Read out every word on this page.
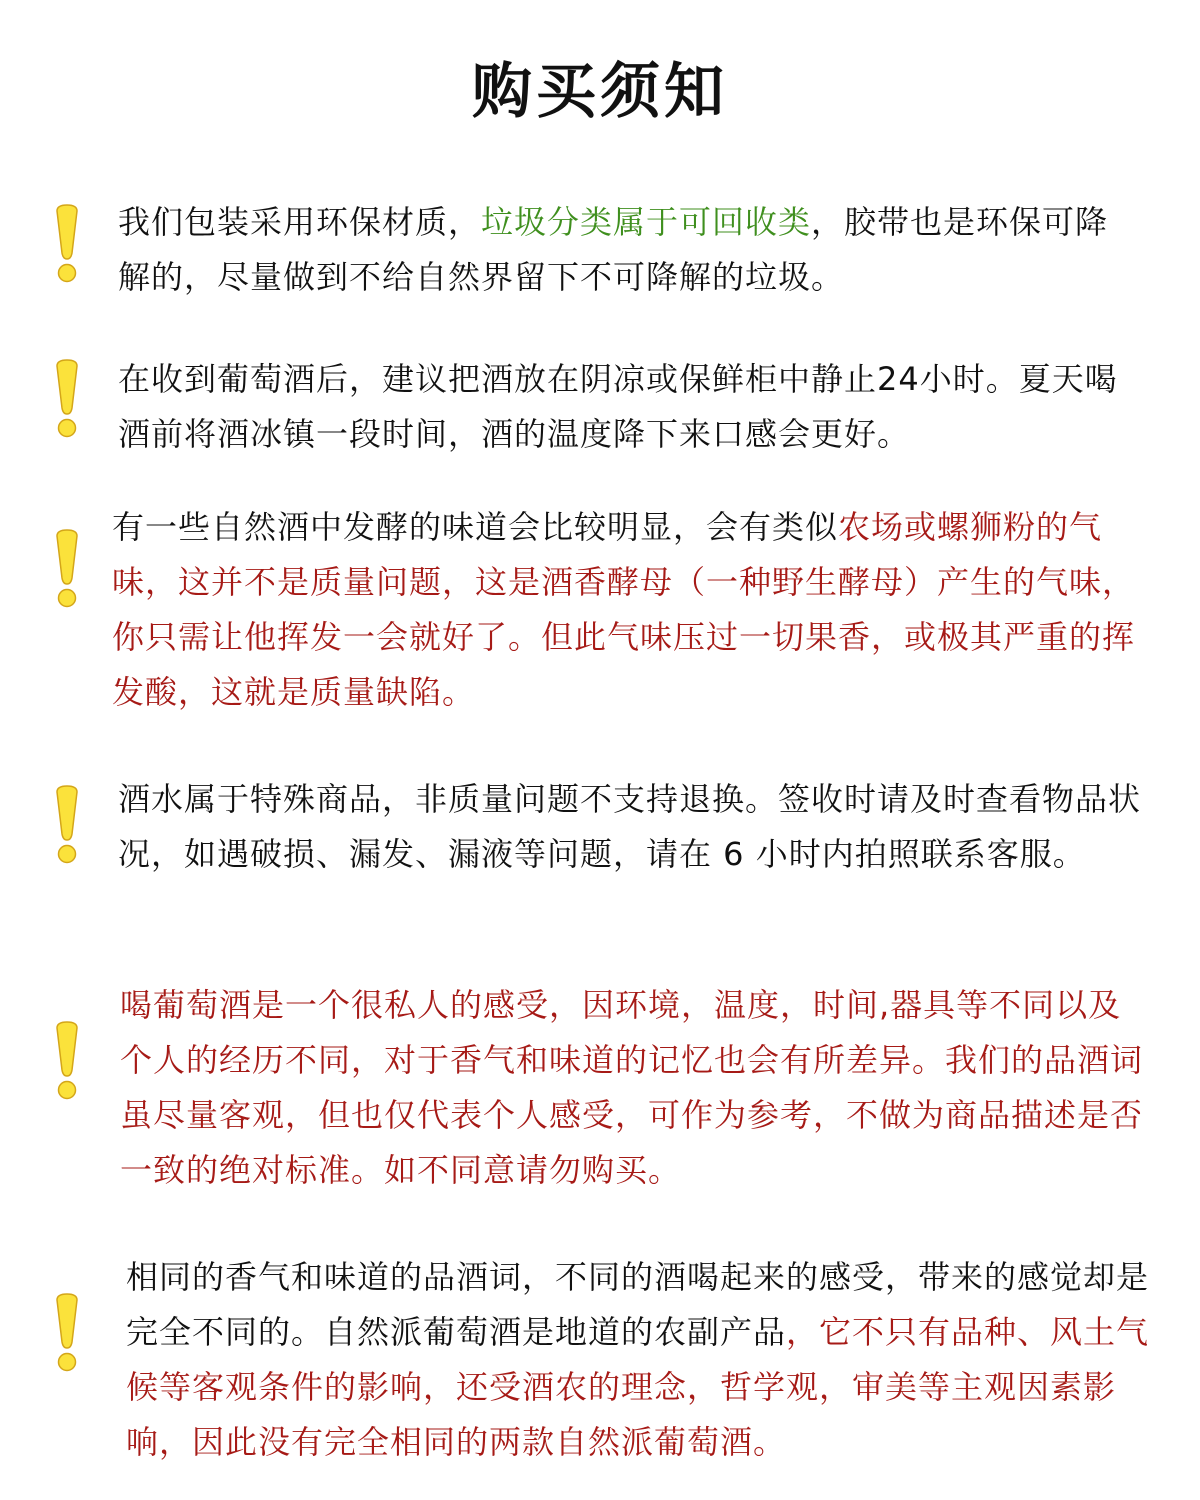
购买须知
我们包装采用环保材质，垃圾分类属于可回收类，胶带也是环保可降解的，尽量做到不给自然界留下不可降解的垃圾。
在收到葡萄酒后，建议把酒放在阴凉或保鲜柜中静止24小时。夏天喝酒前将酒冰镇一段时间，酒的温度降下来口感会更好。
有一些自然酒中发酵的味道会比较明显，会有类似农场或螺狮粉的气味，这并不是质量问题，这是酒香酵母（一种野生酵母）产生的气味，你只需让他挥发一会就好了。但此气味压过一切果香，或极其严重的挥发酸，这就是质量缺陷。
酒水属于特殊商品，非质量问题不支持退换。签收时请及时查看物品状况，如遇破损、漏发、漏液等问题，请在 6 小时内拍照联系客服。
喝葡萄酒是一个很私人的感受，因环境，温度，时间,器具等不同以及个人的经历不同，对于香气和味道的记忆也会有所差异。我们的品酒词虽尽量客观，但也仅代表个人感受，可作为参考，不做为商品描述是否一致的绝对标准。如不同意请勿购买。
相同的香气和味道的品酒词，不同的酒喝起来的感受，带来的感觉却是完全不同的。自然派葡萄酒是地道的农副产品，它不只有品种、风土气候等客观条件的影响，还受酒农的理念，哲学观，审美等主观因素影响，因此没有完全相同的两款自然派葡萄酒。
